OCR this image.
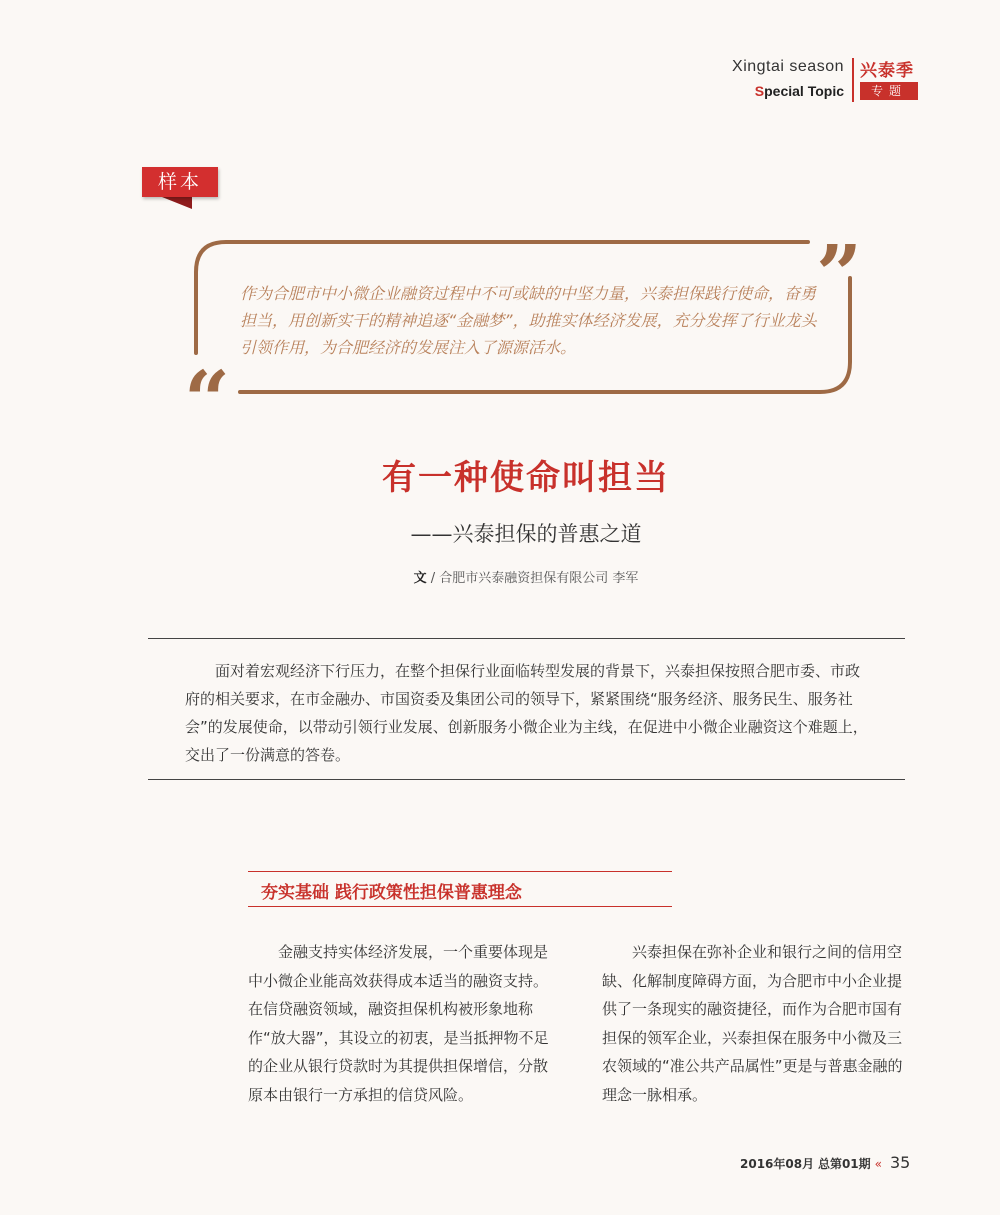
Xingtai season
Special Topic
兴泰季
专题
样本
”
“
作为合肥市中小微企业融资过程中不可或缺的中坚力量，兴泰担保践行使命，奋勇担当，用创新实干的精神追逐“金融梦”，助推实体经济发展，充分发挥了行业龙头引领作用，为合肥经济的发展注入了源源活水。
有一种使命叫担当
——兴泰担保的普惠之道
文 / 合肥市兴泰融资担保有限公司 李军
面对着宏观经济下行压力，在整个担保行业面临转型发展的背景下，兴泰担保按照合肥市委、市政府的相关要求，在市金融办、市国资委及集团公司的领导下，紧紧围绕“服务经济、服务民生、服务社会”的发展使命，以带动引领行业发展、创新服务小微企业为主线，在促进中小微企业融资这个难题上，交出了一份满意的答卷。
夯实基础 践行政策性担保普惠理念
金融支持实体经济发展，一个重要体现是中小微企业能高效获得成本适当的融资支持。在信贷融资领域，融资担保机构被形象地称作“放大器”，其设立的初衷，是当抵押物不足的企业从银行贷款时为其提供担保增信，分散原本由银行一方承担的信贷风险。
兴泰担保在弥补企业和银行之间的信用空缺、化解制度障碍方面，为合肥市中小企业提供了一条现实的融资捷径，而作为合肥市国有担保的领军企业，兴泰担保在服务中小微及三农领域的“准公共产品属性”更是与普惠金融的理念一脉相承。
2016年08月 总第01期 « 35
